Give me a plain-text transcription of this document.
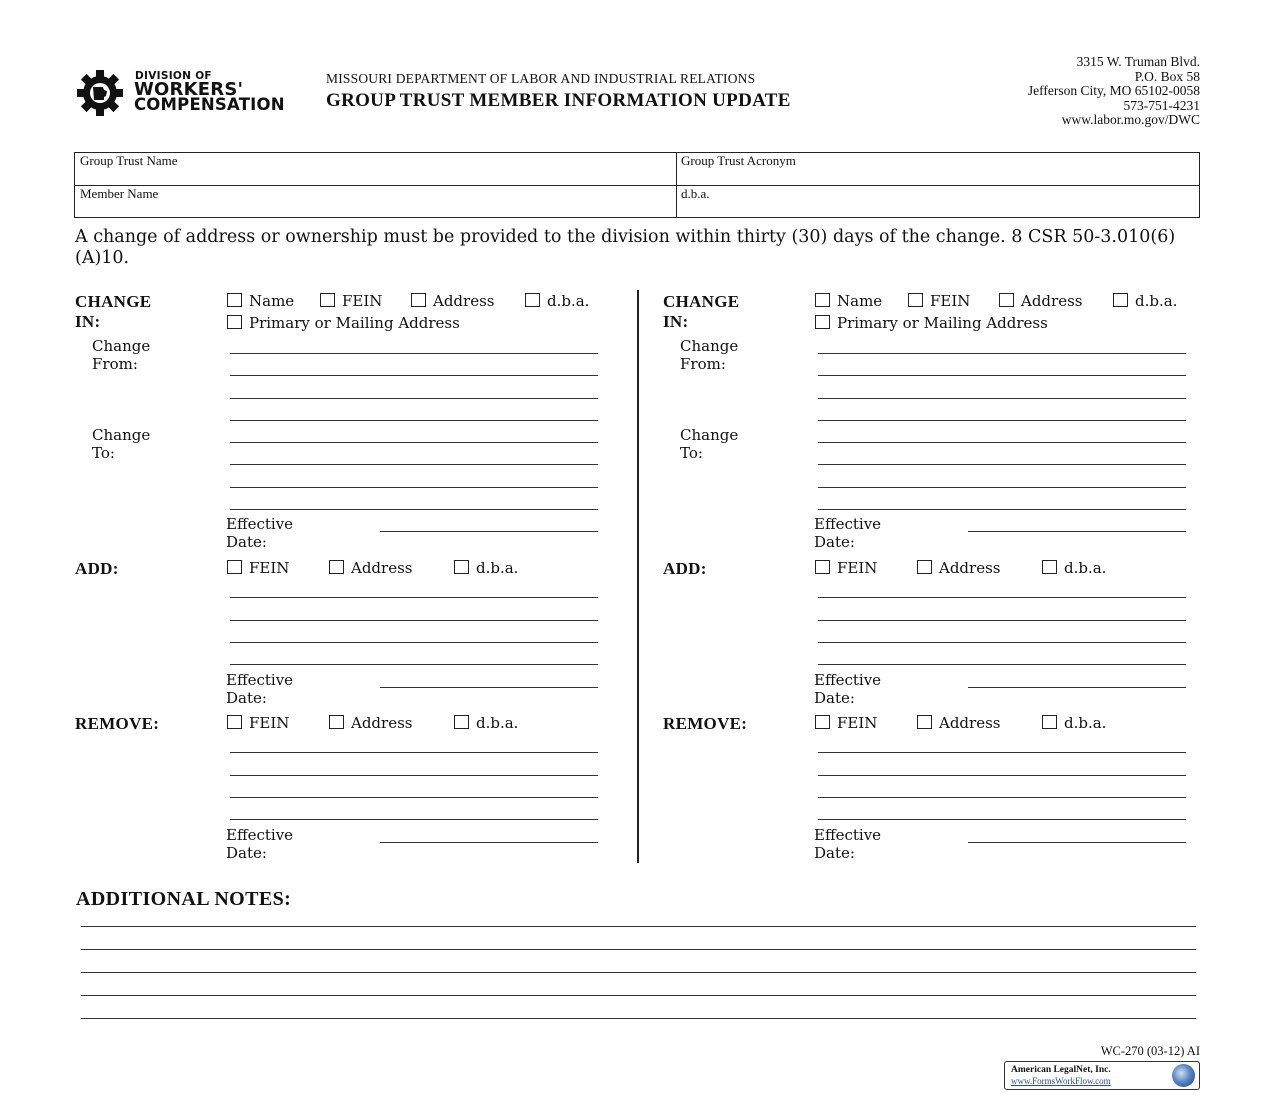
DIVISION OF
WORKERS'
COMPENSATION
MISSOURI DEPARTMENT OF LABOR AND INDUSTRIAL RELATIONS
GROUP TRUST MEMBER INFORMATION UPDATE
3315 W. Truman Blvd.
P.O. Box 58
Jefferson City, MO 65102-0058
573-751-4231
www.labor.mo.gov/DWC
Group Trust Name	Group Trust Acronym
Member Name	d.b.a.
A change of address or ownership must be provided to the division within thirty (30) days of the change. 8 CSR 50-3.010(6)(A)10.
CHANGE IN:
Name	FEIN	Address	d.b.a.
Primary or Mailing Address
Change From:
Change To:
Effective Date:
ADD:	FEIN	Address	d.b.a.
Effective Date:
REMOVE:	FEIN	Address	d.b.a.
Effective Date:
CHANGE IN:
Name	FEIN	Address	d.b.a.
Primary or Mailing Address
Change From:
Change To:
Effective Date:
ADD:	FEIN	Address	d.b.a.
Effective Date:
REMOVE:	FEIN	Address	d.b.a.
Effective Date:
ADDITIONAL NOTES:
WC-270 (03-12) AI
American LegalNet, Inc.
www.FormsWorkFlow.com
